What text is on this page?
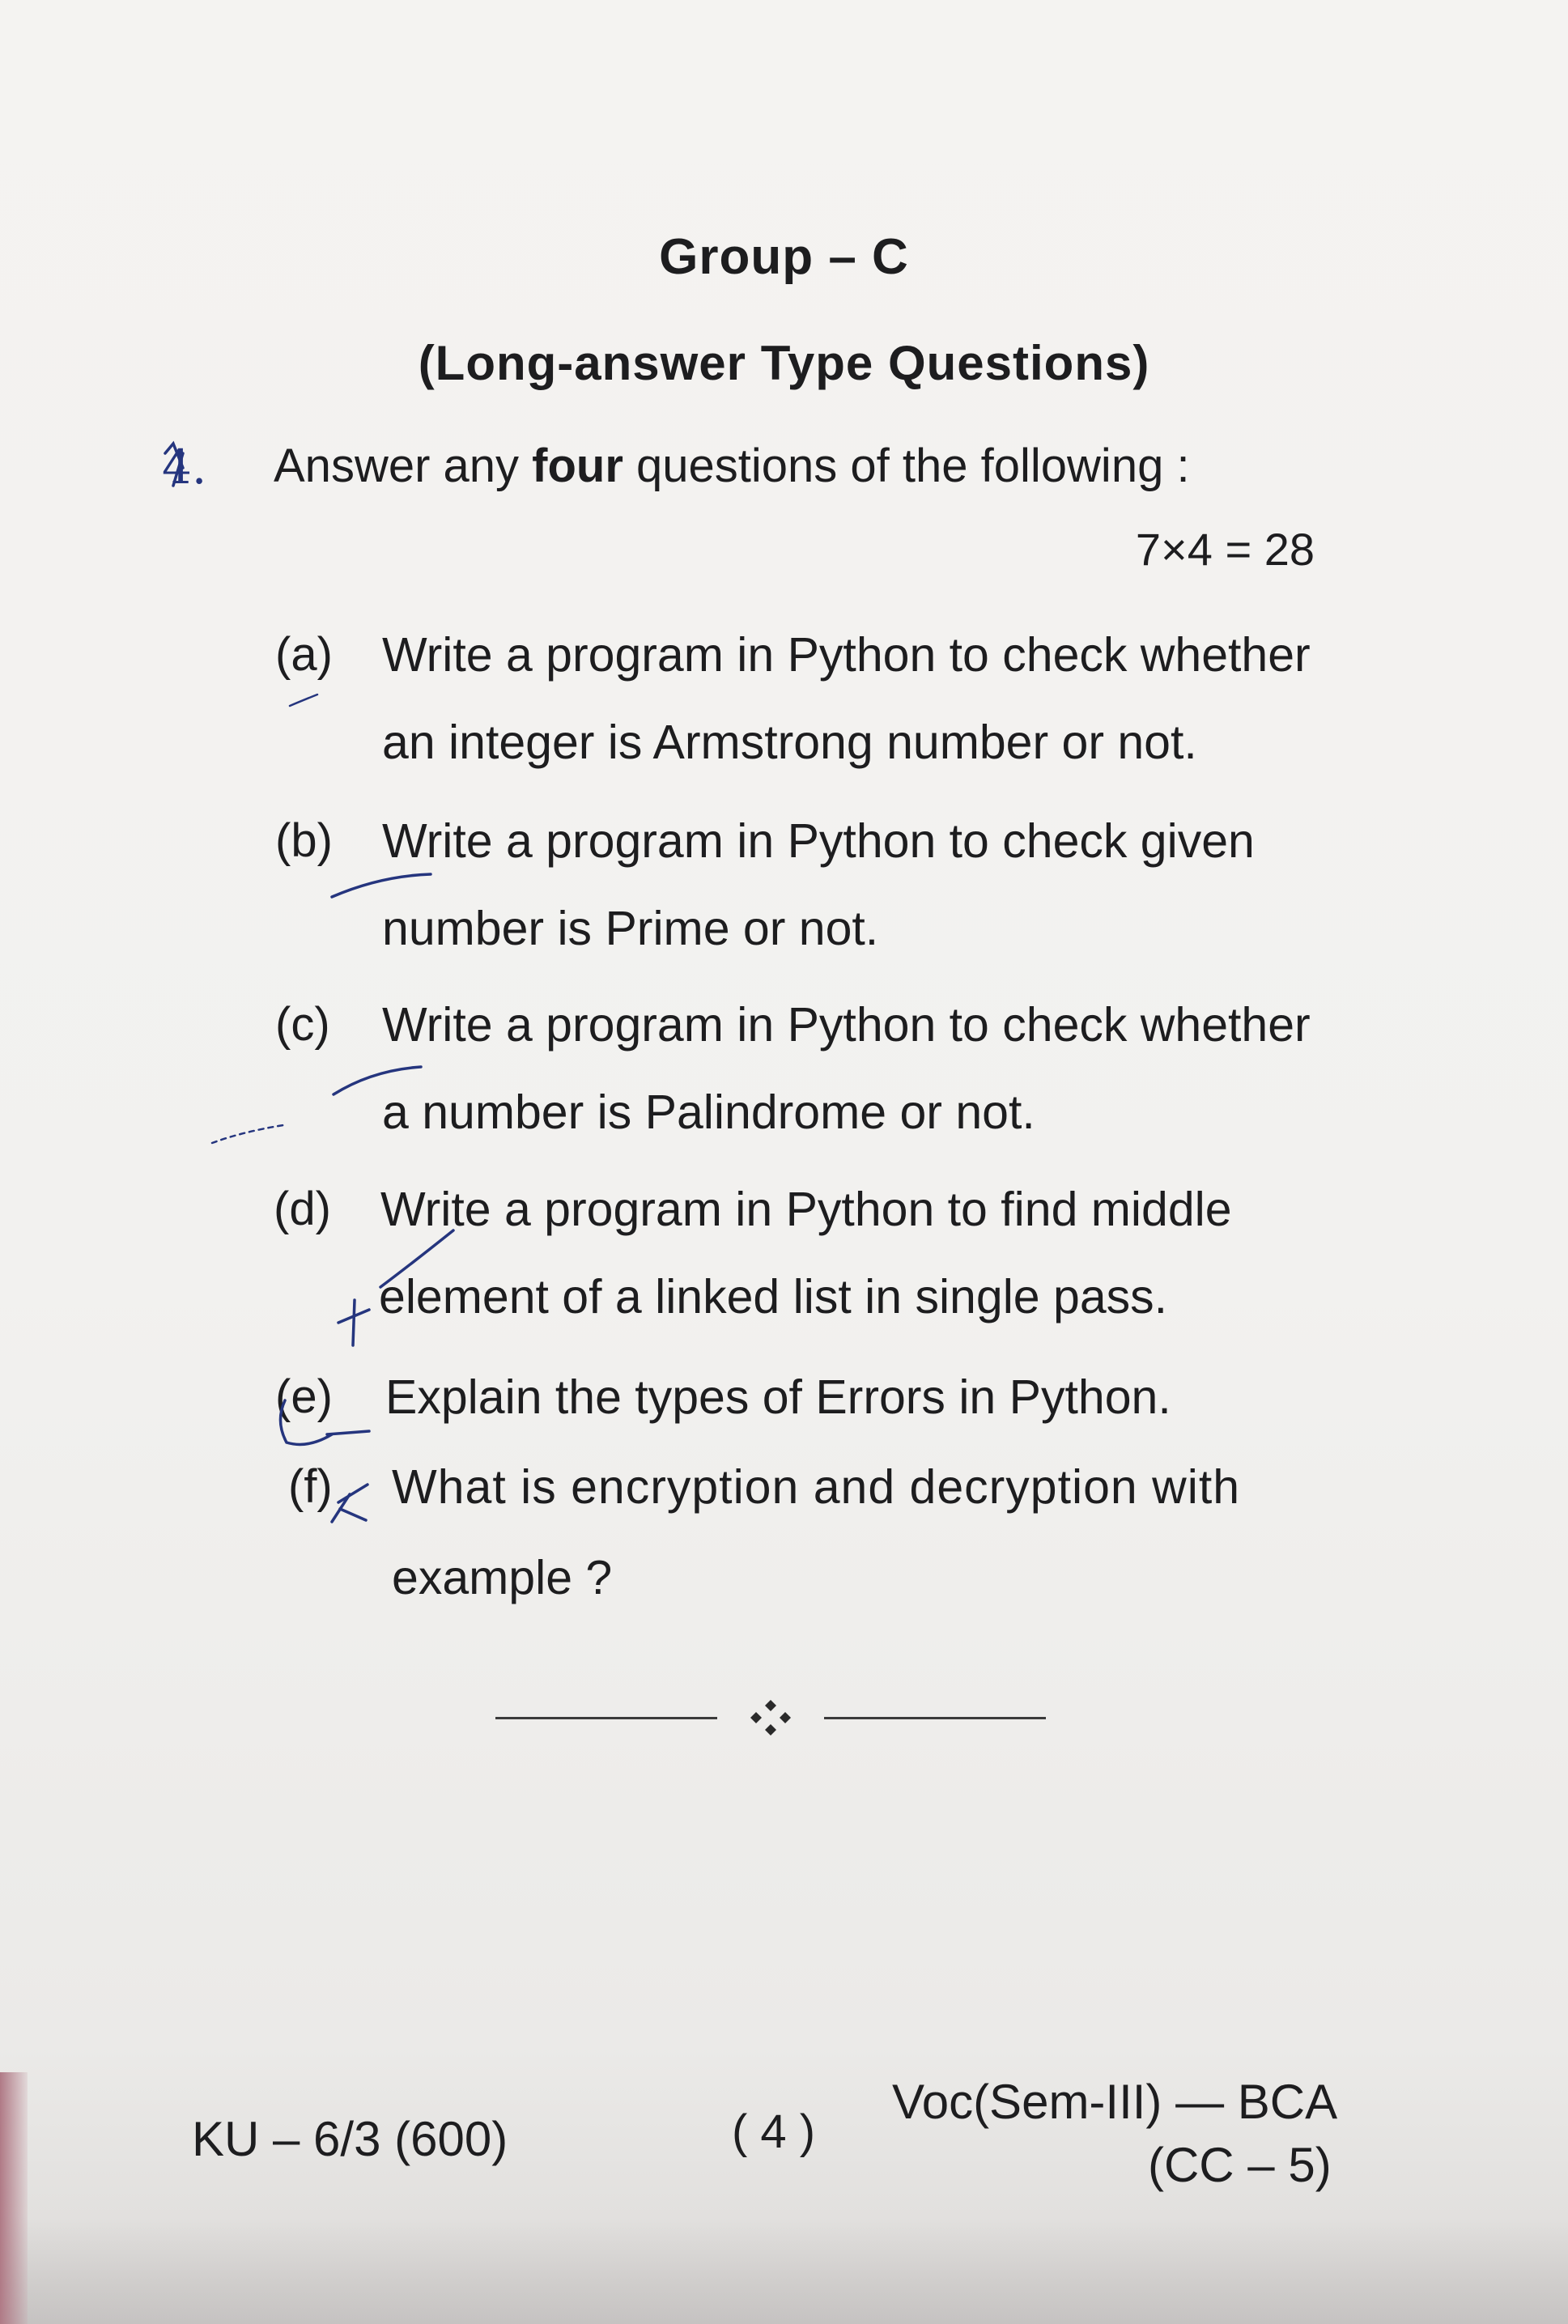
Group – C
(Long-answer Type Questions)
4. Answer any four questions of the following :
7×4 = 28
(a) Write a program in Python to check whether
an integer is Armstrong number or not.
(b) Write a program in Python to check given
number is Prime or not.
(c) Write a program in Python to check whether
a number is Palindrome or not.
(d) Write a program in Python to find middle
element of a linked list in single pass.
(e) Explain the types of Errors in Python.
(f) What is encryption and decryption with
example ?
KU – 6/3 (600)	( 4 )
Voc(Sem-III) — BCA
(CC – 5)
